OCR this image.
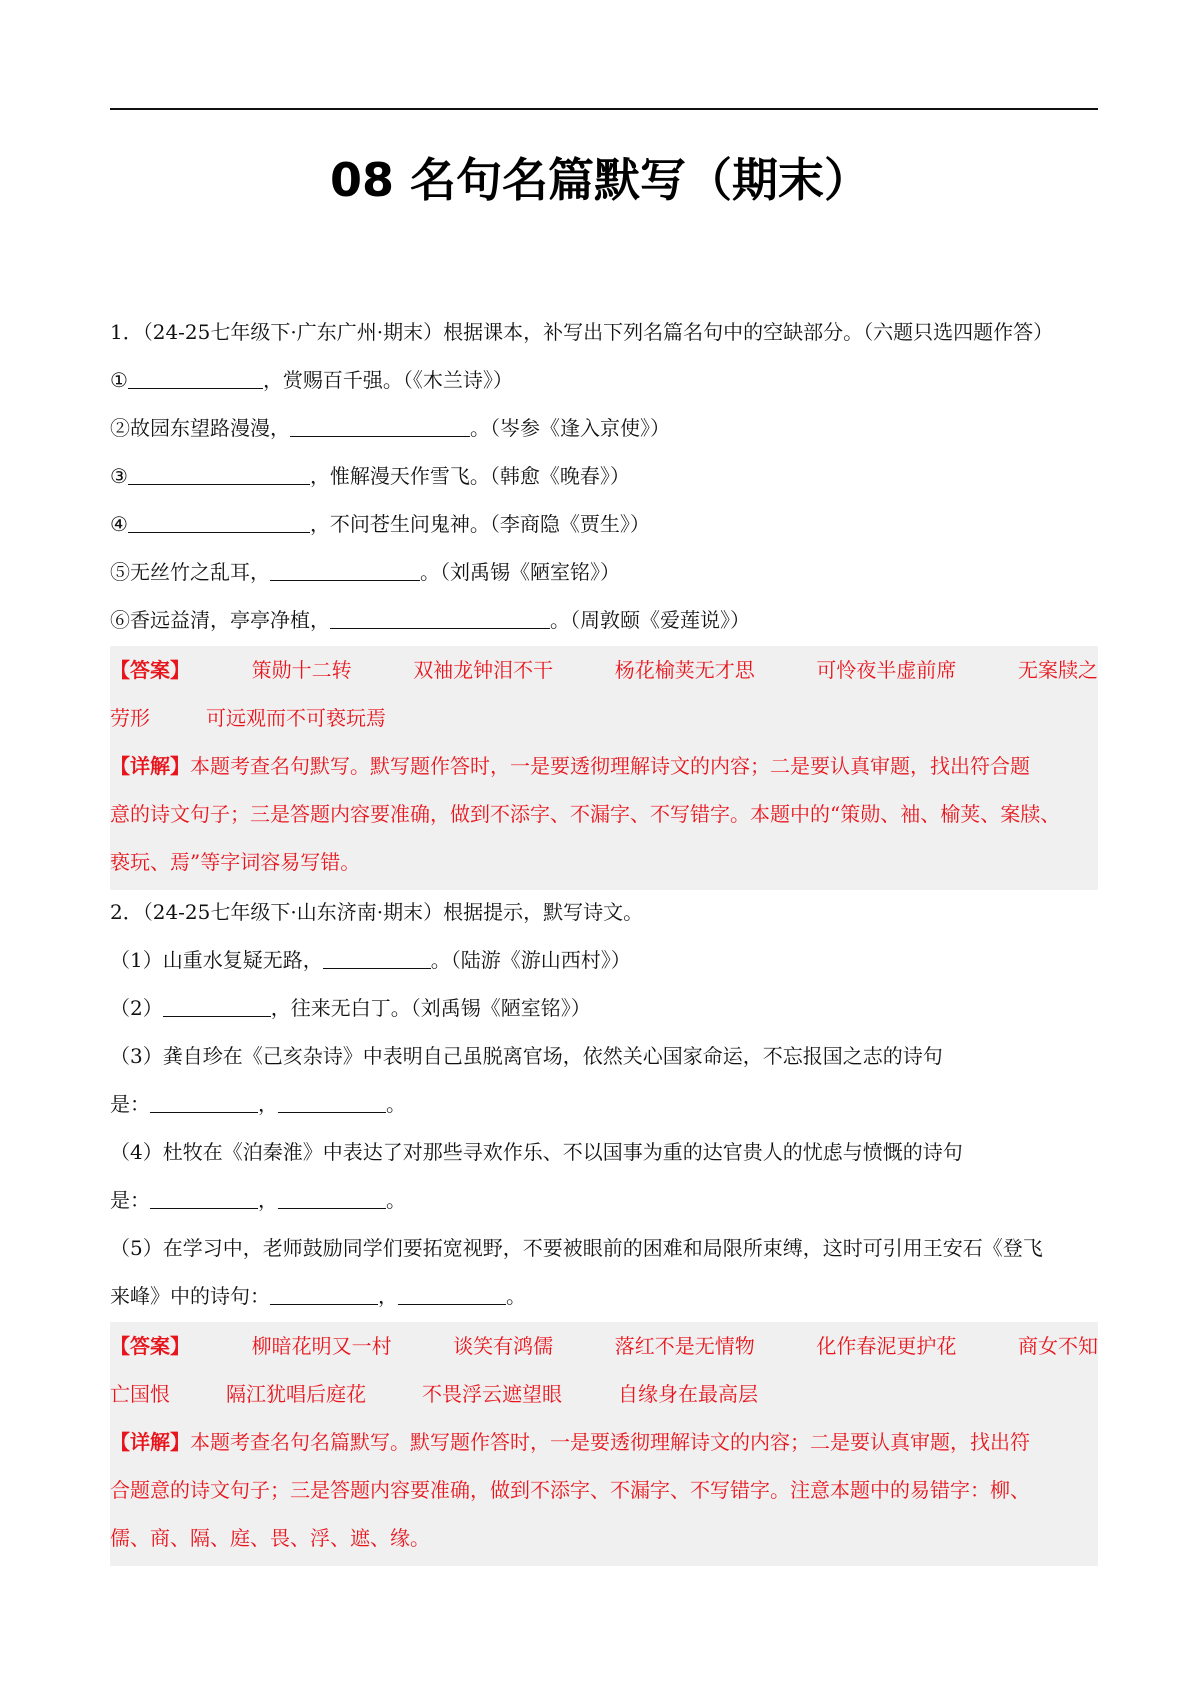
08 名句名篇默写（期末）
1．（24-25七年级下·广东广州·期末）根据课本，补写出下列名篇名句中的空缺部分。（六题只选四题作答）
①	，赏赐百千强。（《木兰诗》）
②故园东望路漫漫，	。（岑参《逢入京使》）
③	，惟解漫天作雪飞。（韩愈《晚春》）
④	，不问苍生问鬼神。（李商隐《贾生》）
⑤无丝竹之乱耳，	。（刘禹锡《陋室铭》）
⑥香远益清，亭亭净植，	。（周敦颐《爱莲说》）
【答案】	策勋十二转	双袖龙钟泪不干	杨花榆荚无才思	可怜夜半虚前席	无案牍之
劳形	可远观而不可亵玩焉
【详解】本题考查名句默写。默写题作答时，一是要透彻理解诗文的内容；二是要认真审题，找出符合题
意的诗文句子；三是答题内容要准确，做到不添字、不漏字、不写错字。本题中的“策勋、袖、榆荚、案牍、
亵玩、焉”等字词容易写错。
2．（24-25七年级下·山东济南·期末）根据提示，默写诗文。
（1）山重水复疑无路，	。（陆游《游山西村》）
（2）	，往来无白丁。（刘禹锡《陋室铭》）
（3）龚自珍在《己亥杂诗》中表明自己虽脱离官场，依然关心国家命运，不忘报国之志的诗句
是：	，	。
（4）杜牧在《泊秦淮》中表达了对那些寻欢作乐、不以国事为重的达官贵人的忧虑与愤慨的诗句
是：	，	。
（5）在学习中，老师鼓励同学们要拓宽视野，不要被眼前的困难和局限所束缚，这时可引用王安石《登飞
来峰》中的诗句：	，	。
【答案】	柳暗花明又一村	谈笑有鸿儒	落红不是无情物	化作春泥更护花	商女不知
亡国恨	隔江犹唱后庭花	不畏浮云遮望眼	自缘身在最高层
【详解】本题考查名句名篇默写。默写题作答时，一是要透彻理解诗文的内容；二是要认真审题，找出符
合题意的诗文句子；三是答题内容要准确，做到不添字、不漏字、不写错字。注意本题中的易错字：柳、
儒、商、隔、庭、畏、浮、遮、缘。
